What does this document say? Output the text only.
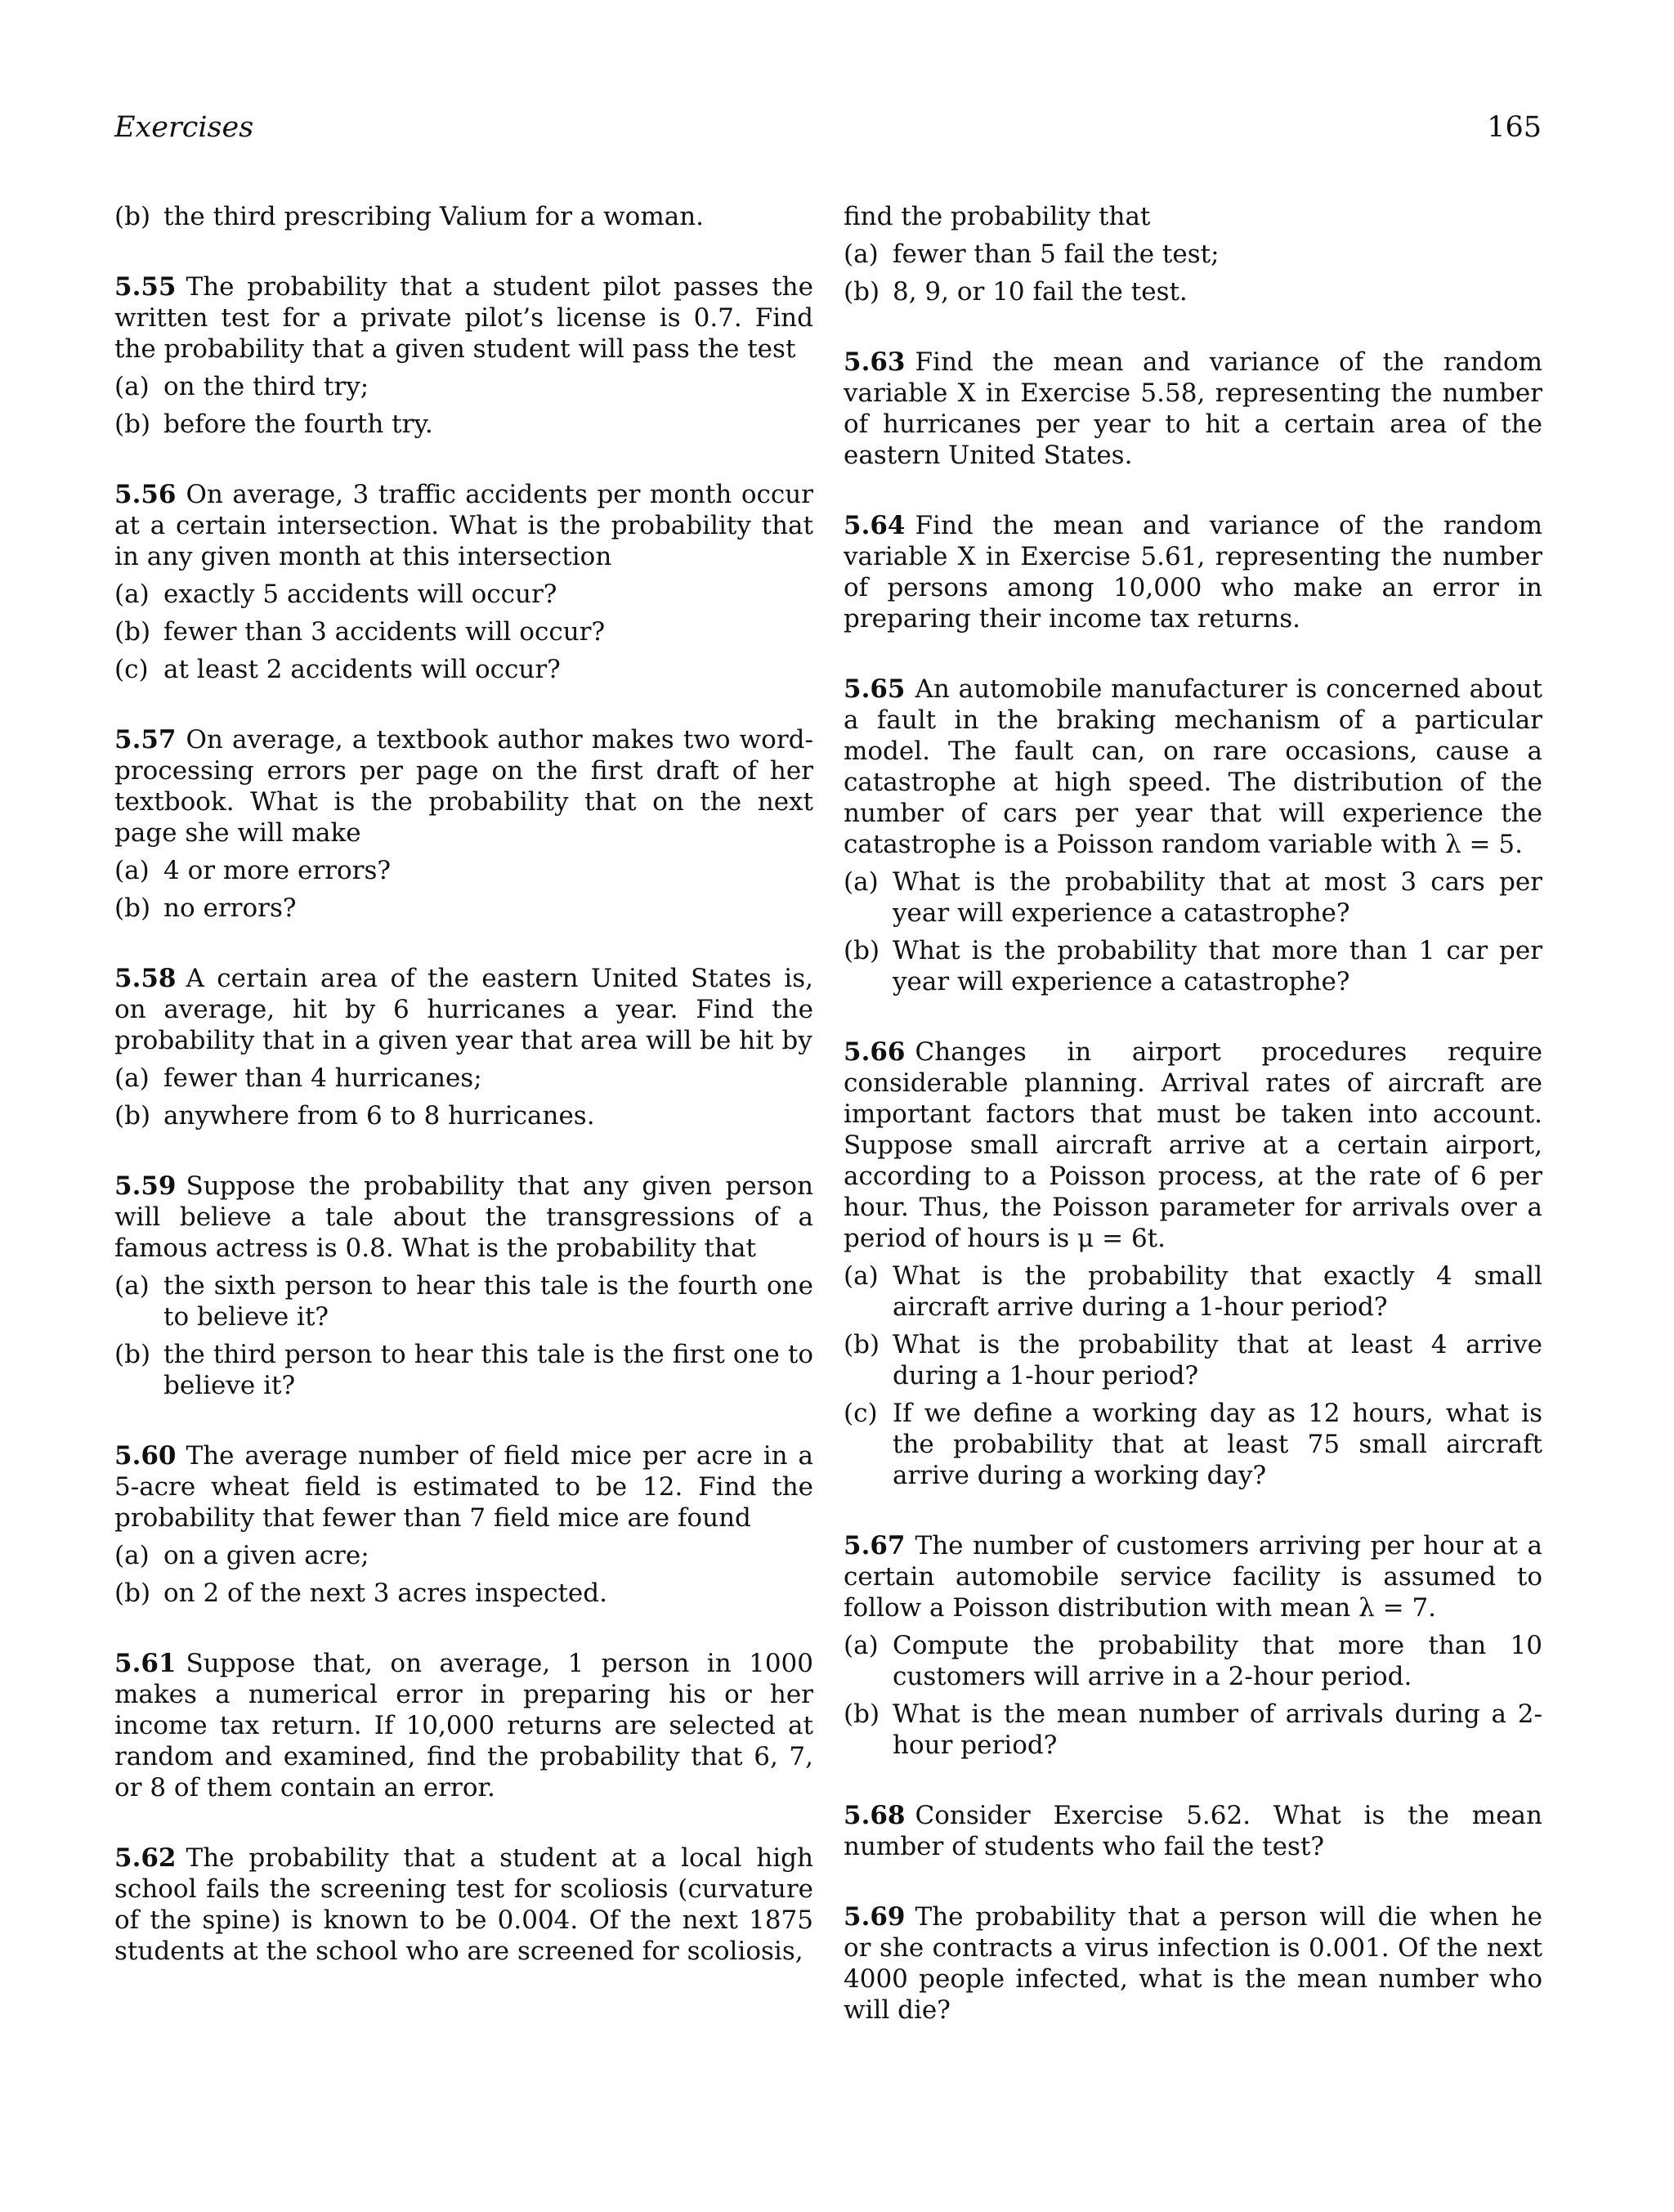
Exercises	165
(b) the third prescribing Valium for a woman.

5.55 The probability that a student pilot passes the written test for a private pilot’s license is 0.7. Find the probability that a given student will pass the test

(a) on the third try;
(b) before the fourth try.

5.56 On average, 3 traffic accidents per month occur at a certain intersection. What is the probability that in any given month at this intersection

(a) exactly 5 accidents will occur?
(b) fewer than 3 accidents will occur?
(c) at least 2 accidents will occur?

5.57 On average, a textbook author makes two word-processing errors per page on the first draft of her textbook. What is the probability that on the next page she will make

(a) 4 or more errors?
(b) no errors?

5.58 A certain area of the eastern United States is, on average, hit by 6 hurricanes a year. Find the probability that in a given year that area will be hit by

(a) fewer than 4 hurricanes;
(b) anywhere from 6 to 8 hurricanes.

5.59 Suppose the probability that any given person will believe a tale about the transgressions of a famous actress is 0.8. What is the probability that

(a) the sixth person to hear this tale is the fourth one to believe it?
(b) the third person to hear this tale is the first one to believe it?

5.60 The average number of field mice per acre in a 5-acre wheat field is estimated to be 12. Find the probability that fewer than 7 field mice are found

(a) on a given acre;
(b) on 2 of the next 3 acres inspected.

5.61 Suppose that, on average, 1 person in 1000 makes a numerical error in preparing his or her income tax return. If 10,000 returns are selected at random and examined, find the probability that 6, 7, or 8 of them contain an error.

5.62 The probability that a student at a local high school fails the screening test for scoliosis (curvature of the spine) is known to be 0.004. Of the next 1875 students at the school who are screened for scoliosis,

find the probability that

(a) fewer than 5 fail the test;
(b) 8, 9, or 10 fail the test.

5.63 Find the mean and variance of the random variable X in Exercise 5.58, representing the number of hurricanes per year to hit a certain area of the eastern United States.

5.64 Find the mean and variance of the random variable X in Exercise 5.61, representing the number of persons among 10,000 who make an error in preparing their income tax returns.

5.65 An automobile manufacturer is concerned about a fault in the braking mechanism of a particular model. The fault can, on rare occasions, cause a catastrophe at high speed. The distribution of the number of cars per year that will experience the catastrophe is a Poisson random variable with λ = 5.

(a) What is the probability that at most 3 cars per year will experience a catastrophe?
(b) What is the probability that more than 1 car per year will experience a catastrophe?

5.66 Changes in airport procedures require considerable planning. Arrival rates of aircraft are important factors that must be taken into account. Suppose small aircraft arrive at a certain airport, according to a Poisson process, at the rate of 6 per hour. Thus, the Poisson parameter for arrivals over a period of hours is μ = 6t.

(a) What is the probability that exactly 4 small aircraft arrive during a 1-hour period?
(b) What is the probability that at least 4 arrive during a 1-hour period?
(c) If we define a working day as 12 hours, what is the probability that at least 75 small aircraft arrive during a working day?

5.67 The number of customers arriving per hour at a certain automobile service facility is assumed to follow a Poisson distribution with mean λ = 7.

(a) Compute the probability that more than 10 customers will arrive in a 2-hour period.
(b) What is the mean number of arrivals during a 2-hour period?

5.68 Consider Exercise 5.62. What is the mean number of students who fail the test?

5.69 The probability that a person will die when he or she contracts a virus infection is 0.001. Of the next 4000 people infected, what is the mean number who will die?
